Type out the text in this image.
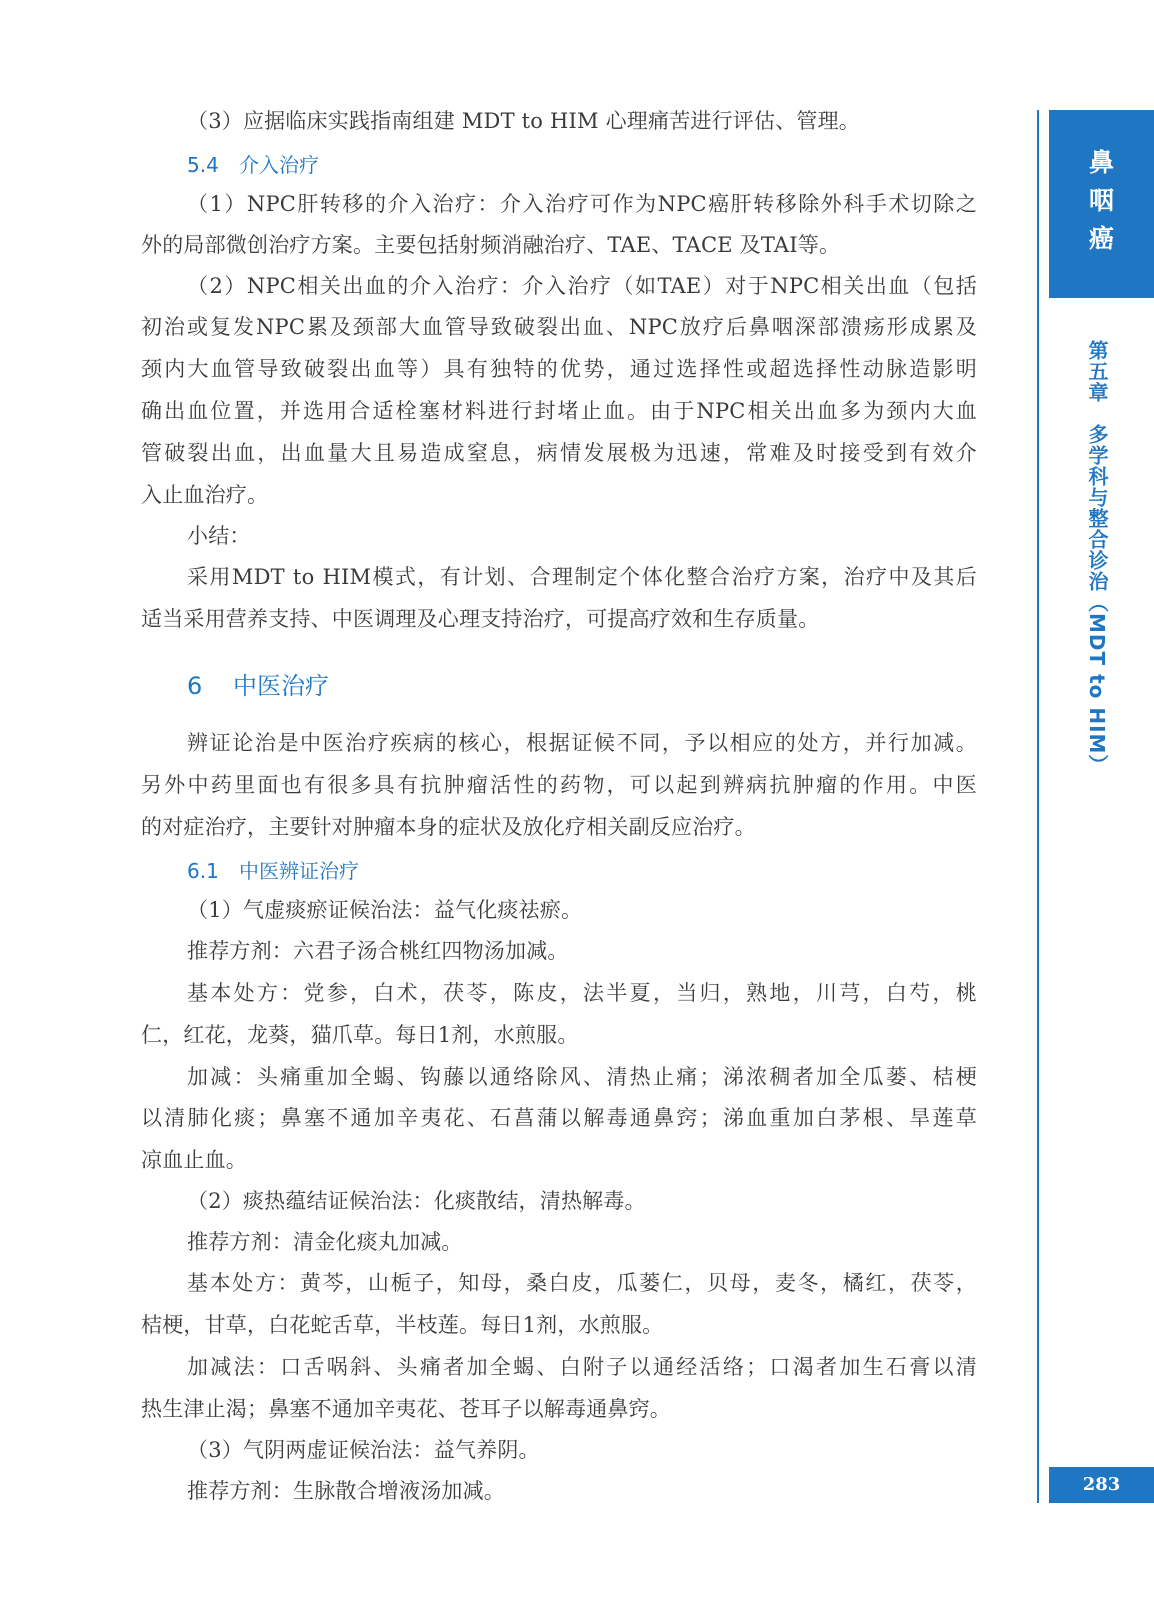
鼻
咽
癌
第五章　多学科与整合诊治（MDT to HIM）
283
（3）应据临床实践指南组建 MDT to HIM 心理痛苦进行评估、管理。
5.4 介入治疗
（1）NPC肝转移的介入治疗：介入治疗可作为NPC癌肝转移除外科手术切除之
外的局部微创治疗方案。主要包括射频消融治疗、TAE、TACE 及TAI等。
（2）NPC相关出血的介入治疗：介入治疗（如TAE）对于NPC相关出血（包括
初治或复发NPC累及颈部大血管导致破裂出血、NPC放疗后鼻咽深部溃疡形成累及
颈内大血管导致破裂出血等）具有独特的优势，通过选择性或超选择性动脉造影明
确出血位置，并选用合适栓塞材料进行封堵止血。由于NPC相关出血多为颈内大血
管破裂出血，出血量大且易造成窒息，病情发展极为迅速，常难及时接受到有效介
入止血治疗。
小结：
采用MDT to HIM模式，有计划、合理制定个体化整合治疗方案，治疗中及其后
适当采用营养支持、中医调理及心理支持治疗，可提高疗效和生存质量。
6 中医治疗
辨证论治是中医治疗疾病的核心，根据证候不同，予以相应的处方，并行加减。
另外中药里面也有很多具有抗肿瘤活性的药物，可以起到辨病抗肿瘤的作用。中医
的对症治疗，主要针对肿瘤本身的症状及放化疗相关副反应治疗。
6.1 中医辨证治疗
（1）气虚痰瘀证候治法：益气化痰祛瘀。
推荐方剂：六君子汤合桃红四物汤加减。
基本处方：党参，白术，茯苓，陈皮，法半夏，当归，熟地，川芎，白芍，桃
仁，红花，龙葵，猫爪草。每日1剂，水煎服。
加减：头痛重加全蝎、钩藤以通络除风、清热止痛；涕浓稠者加全瓜蒌、桔梗
以清肺化痰；鼻塞不通加辛夷花、石菖蒲以解毒通鼻窍；涕血重加白茅根、旱莲草
凉血止血。
（2）痰热蕴结证候治法：化痰散结，清热解毒。
推荐方剂：清金化痰丸加减。
基本处方：黄芩，山栀子，知母，桑白皮，瓜蒌仁，贝母，麦冬，橘红，茯苓，
桔梗，甘草，白花蛇舌草，半枝莲。每日1剂，水煎服。
加减法：口舌㖞斜、头痛者加全蝎、白附子以通经活络；口渴者加生石膏以清
热生津止渴；鼻塞不通加辛夷花、苍耳子以解毒通鼻窍。
（3）气阴两虚证候治法：益气养阴。
推荐方剂：生脉散合增液汤加减。
